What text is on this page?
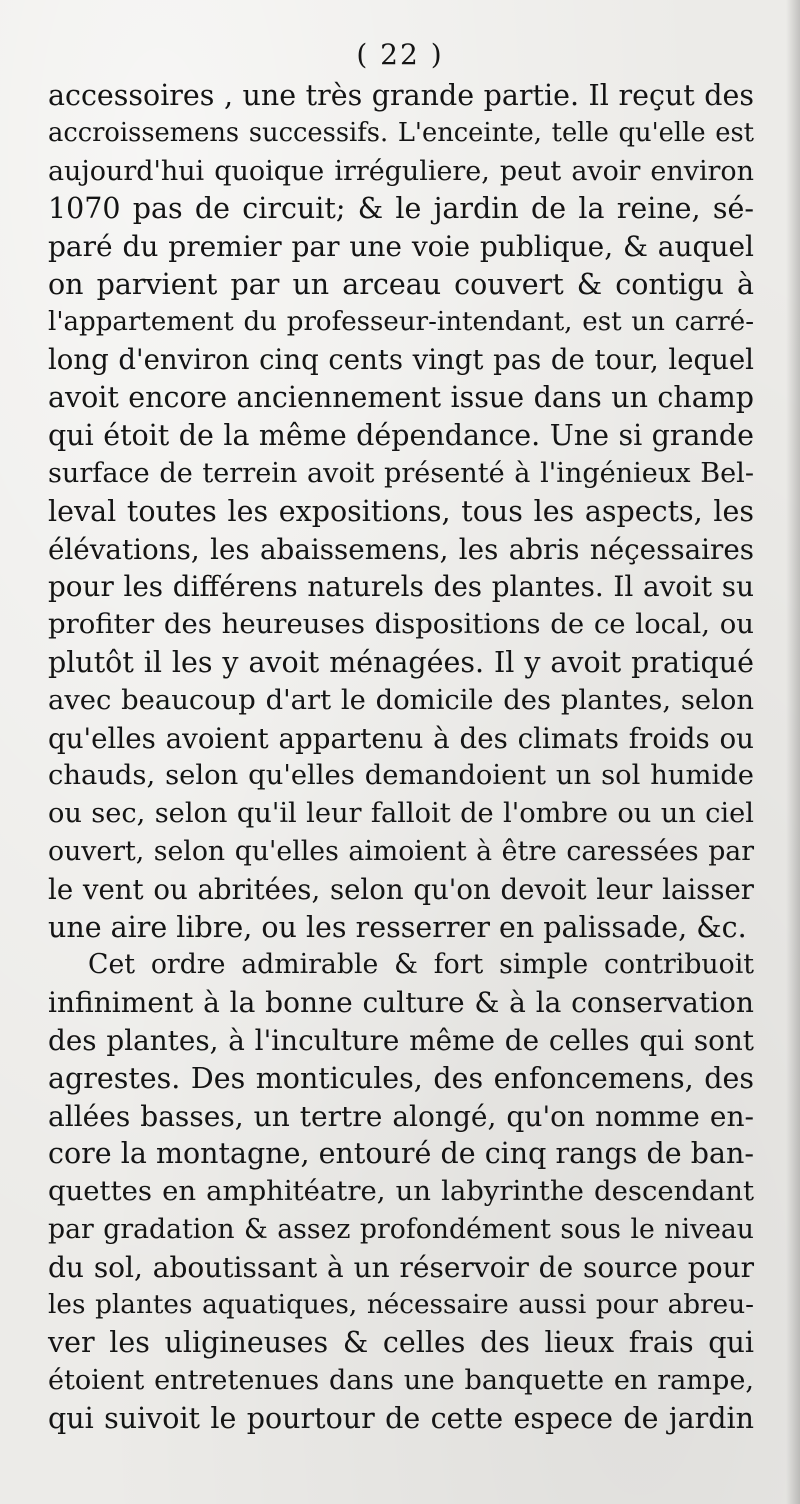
( 22 )
accessoires , une très grande partie. Il reçut des
accroissemens successifs. L'enceinte, telle qu'elle est
aujourd'hui quoique irréguliere, peut avoir environ
1070 pas de circuit; & le jardin de la reine, sé-
paré du premier par une voie publique, & auquel
on parvient par un arceau couvert & contigu à
l'appartement du professeur-intendant, est un carré-
long d'environ cinq cents vingt pas de tour, lequel
avoit encore anciennement issue dans un champ
qui étoit de la même dépendance. Une si grande
surface de terrein avoit présenté à l'ingénieux Bel-
leval toutes les expositions, tous les aspects, les
élévations, les abaissemens, les abris néçessaires
pour les différens naturels des plantes. Il avoit su
profiter des heureuses dispositions de ce local, ou
plutôt il les y avoit ménagées. Il y avoit pratiqué
avec beaucoup d'art le domicile des plantes, selon
qu'elles avoient appartenu à des climats froids ou
chauds, selon qu'elles demandoient un sol humide
ou sec, selon qu'il leur falloit de l'ombre ou un ciel
ouvert, selon qu'elles aimoient à être caressées par
le vent ou abritées, selon qu'on devoit leur laisser
une aire libre, ou les resserrer en palissade, &c.
Cet ordre admirable & fort simple contribuoit
infiniment à la bonne culture & à la conservation
des plantes, à l'inculture même de celles qui sont
agrestes. Des monticules, des enfoncemens, des
allées basses, un tertre alongé, qu'on nomme en-
core la montagne, entouré de cinq rangs de ban-
quettes en amphitéatre, un labyrinthe descendant
par gradation & assez profondément sous le niveau
du sol, aboutissant à un réservoir de source pour
les plantes aquatiques, nécessaire aussi pour abreu-
ver les uligineuses & celles des lieux frais qui
étoient entretenues dans une banquette en rampe,
qui suivoit le pourtour de cette espece de jardin
